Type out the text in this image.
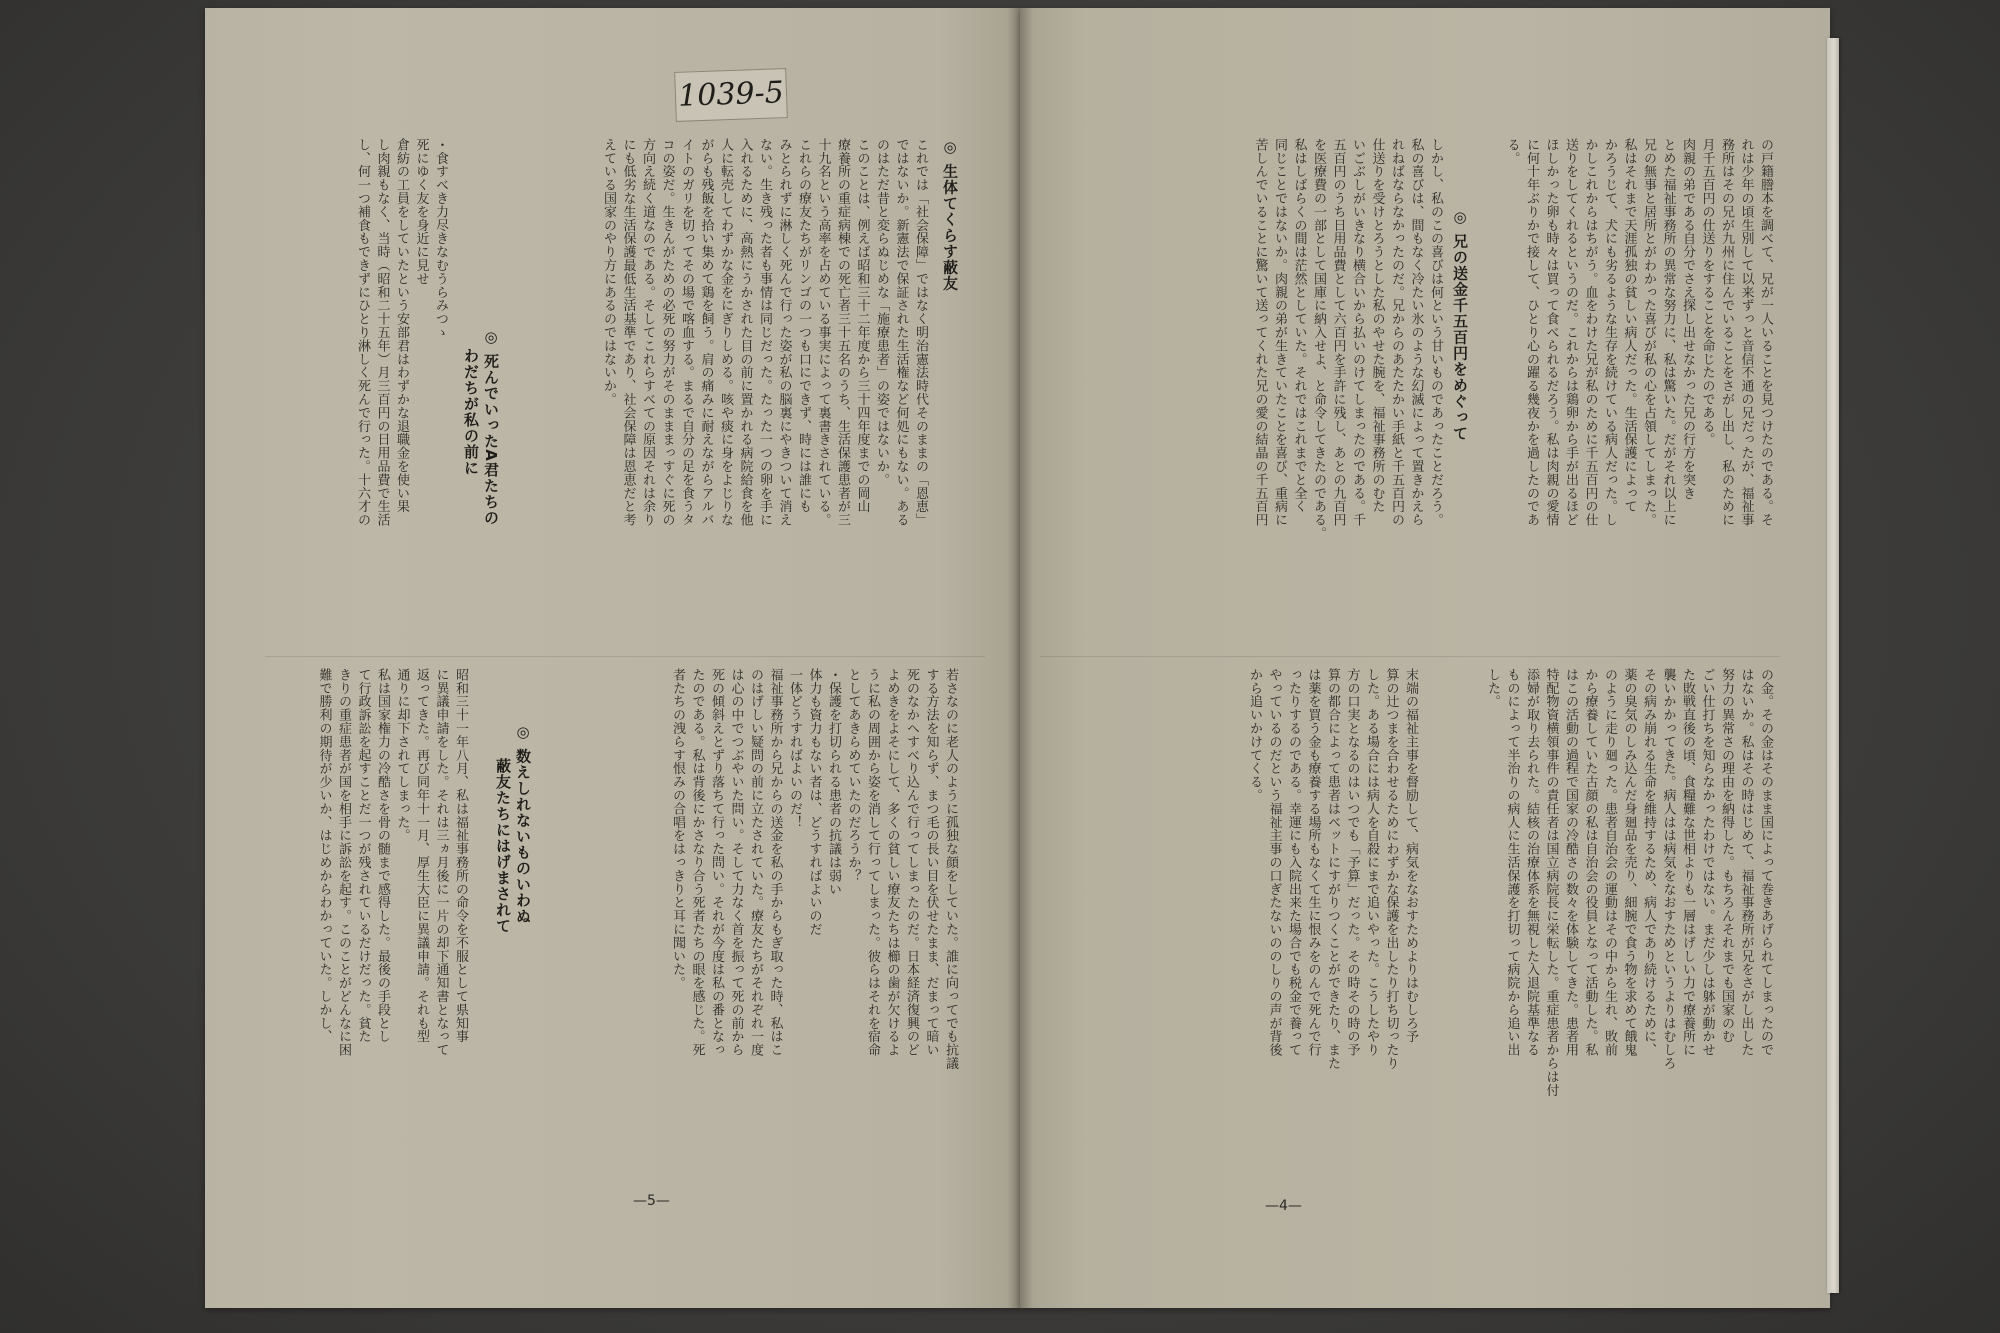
1039-5
◎ 生体てくらす蔽友
これでは「社会保障」ではなく明治憲法時代そのままの「恩恵」
ではないか。新憲法で保証された生活権など何処にもない。ある
のはただ昔と変らぬじめな「施療患者」の姿ではないか。
このことは、例えば昭和三十二年度から三十四年度までの岡山
療養所の重症病棟での死亡者三十五名のうち、生活保護患者が三
十九名という高率を占めている事実によって裏書きされている。
これらの療友たちがリンゴの一つも口にできず、時には誰にも
みとられずに淋しく死んで行った姿が私の脳裏にやきついて消え
ない。生き残った者も事情は同じだった。たった一つの卵を手に
入れるために、高熱にうかされた目の前に置かれる病院給食を他
人に転売してわずかな金をにぎりしめる。咳や痰に身をよじりな
がらも残飯を拾い集めて鶏を飼う。肩の痛みに耐えながらアルバ
イトのガリを切ってその場で喀血する。まるで自分の足を食うタ
コの姿だ。生きんがための必死の努力がそのまままっすぐに死の
方向え続く道なのである。そしてこれらすべての原因それは余り
にも低劣な生活保護最低生活基準であり、社会保障は恩恵だと考
えている国家のやり方にあるのではないか。
◎ 死んでいったA君たちの
わだちが私の前に
・食すべき力尽きなむうらみつゝ
死にゆく友を身近に見せ
倉紡の工員をしていたという安部君はわずかな退職金を使い果
し肉親もなく、当時（昭和二十五年）月三百円の日用品費で生活
し、何一つ補食もできずにひとり淋しく死んで行った。十六才の
若さなのに老人のように孤独な顔をしていた。誰に向ってでも抗議
する方法を知らず、まつ毛の長い目を伏せたまま、だまって暗い
死のなかへすべり込んで行ってしまったのだ。日本経済復興のど
よめきをよそにして、多くの貧しい療友たちは櫛の歯が欠けるよ
うに私の周囲から姿を消して行ってしまった。彼らはそれを宿命
としてあきらめていたのだろうか？
・保護を打切られる患者の抗議は弱い
体力も資力もない者は、どうすればよいのだ
一体どうすればよいのだ！
福祉事務所から兄からの送金を私の手からもぎ取った時、私はこ
のはげしい疑問の前に立たされていた。療友たちがそれぞれ一度
は心の中でつぶやいた問い。そして力なく首を振って死の前から
死の傾斜えとずり落ちて行った問い。それが今度は私の番となっ
たのである。私は背後にかさなり合う死者たちの眼を感じた。死
者たちの洩らす恨みの合唱をはっきりと耳に聞いた。
◎ 数えしれないものいわぬ
蔽友たちにはげまされて
昭和三十一年八月、私は福祉事務所の命令を不服として県知事
に異議申請をした。それは三ヵ月後に一片の却下通知書となって
返ってきた。再び同年十一月、厚生大臣に異議申請。それも型
通りに却下されてしまった。
私は国家権力の冷酷さを骨の髄まで感得した。最後の手段とし
て行政訴訟を起すことだ一つが残されているだけだった。貧た
きりの重症患者が国を相手に訴訟を起す。このことがどんなに困
難で勝利の期待が少いか、はじめからわかっていた。しかし、
—5—
の戸籍謄本を調べて、兄が一人いることを見つけたのである。そ
れは少年の頃生別して以来ずっと音信不通の兄だったが、福祉事
務所はその兄が九州に住んでいることをさがし出し、私のために
月千五百円の仕送りをすることを命じたのである。
肉親の弟である自分でさえ探し出せなかった兄の行方を突き
とめた福祉事務所の異常な努力に、私は驚いた。だがそれ以上に
兄の無事と居所とがわかった喜びが私の心を占領してしまった。
私はそれまで天涯孤独の貧しい病人だった。生活保護によって
かろうじて、犬にも劣るような生存を続けている病人だった。し
かしこれからはちがう。血をわけた兄が私のために千五百円の仕
送りをしてくれるというのだ。これからは鶏卵から手が出るほど
ほしかった卵も時々は買って食べられるだろう。私は肉親の愛情
に何十年ぶりかで接して、ひとり心の躍る幾夜かを過したのであ
る。
◎ 兄の送金千五百円をめぐって
しかし、私のこの喜びは何という甘いものであったことだろう。
私の喜びは、間もなく冷たい氷のような幻滅によって置きかえら
れねばならなかったのだ。兄からのあたたかい手紙と千五百円の
仕送りを受けとろうとした私のやせた腕を、福祉事務所のむた
いごぶしがいきなり横合いから払いのけてしまったのである。千
五百円のうち日用品費として六百円を手許に残し、あとの九百円
を医療費の一部として国庫に納入せよ、と命令してきたのである。
私はしばらくの間は茫然としていた。それではこれまでと全く
同じことではないか。肉親の弟が生きていたことを喜び、重病に
苦しんでいることに驚いて送ってくれた兄の愛の結晶の千五百円
の金。その金はそのまま国によって巻きあげられてしまったので
はないか。私はその時はじめて、福祉事務所が兄をさがし出した
努力の異常さの理由を納得した。もちろんそれまでも国家のむ
ごい仕打ちを知らなかったわけではない。まだ少しは躰が動かせ
た敗戦直後の頃、食糧難な世相よりも一層はげしい力で療養所に
襲いかかってきた。病人はは病気をなおすためというよりはむしろ
その病み崩れる生命を維持するため、病人であり続けるために、
薬の臭気のしみ込んだ身廻品を売り、細腕で食う物を求めて餓鬼
のように走り廻った。患者自治会の運動はその中から生れ、敗前
から療養していた古顔の私は自治会の役員となって活動した。私
はこの活動の過程で国家の冷酷さの数々を体験してきた。患者用
特配物資横領事件の責任者は国立病院長に栄転した。重症患者からは付
添婦が取り去られた。結核の治療体系を無視した入退院基準なる
ものによって半治りの病人に生活保護を打切って病院から追い出
した。
末端の福祉主事を督励して、病気をなおすためよりはむしろ予
算の辻つまを合わせるためにわずかな保護を出したり打ち切ったり
した。ある場合には病人を自殺にまで追いやった。こうしたやり
方の口実となるのはいつでも「予算」だった。その時その時の予
算の都合によって患者はベットにすがりつくことができたり、また
は薬を買う金も療養する場所もなくて生に恨みをのんで死んで行
ったりするのである。幸運にも入院出来た場合でも税金で養って
やっているのだという福祉主事の口ぎたないののしりの声が背後
から追いかけてくる。
—4—
